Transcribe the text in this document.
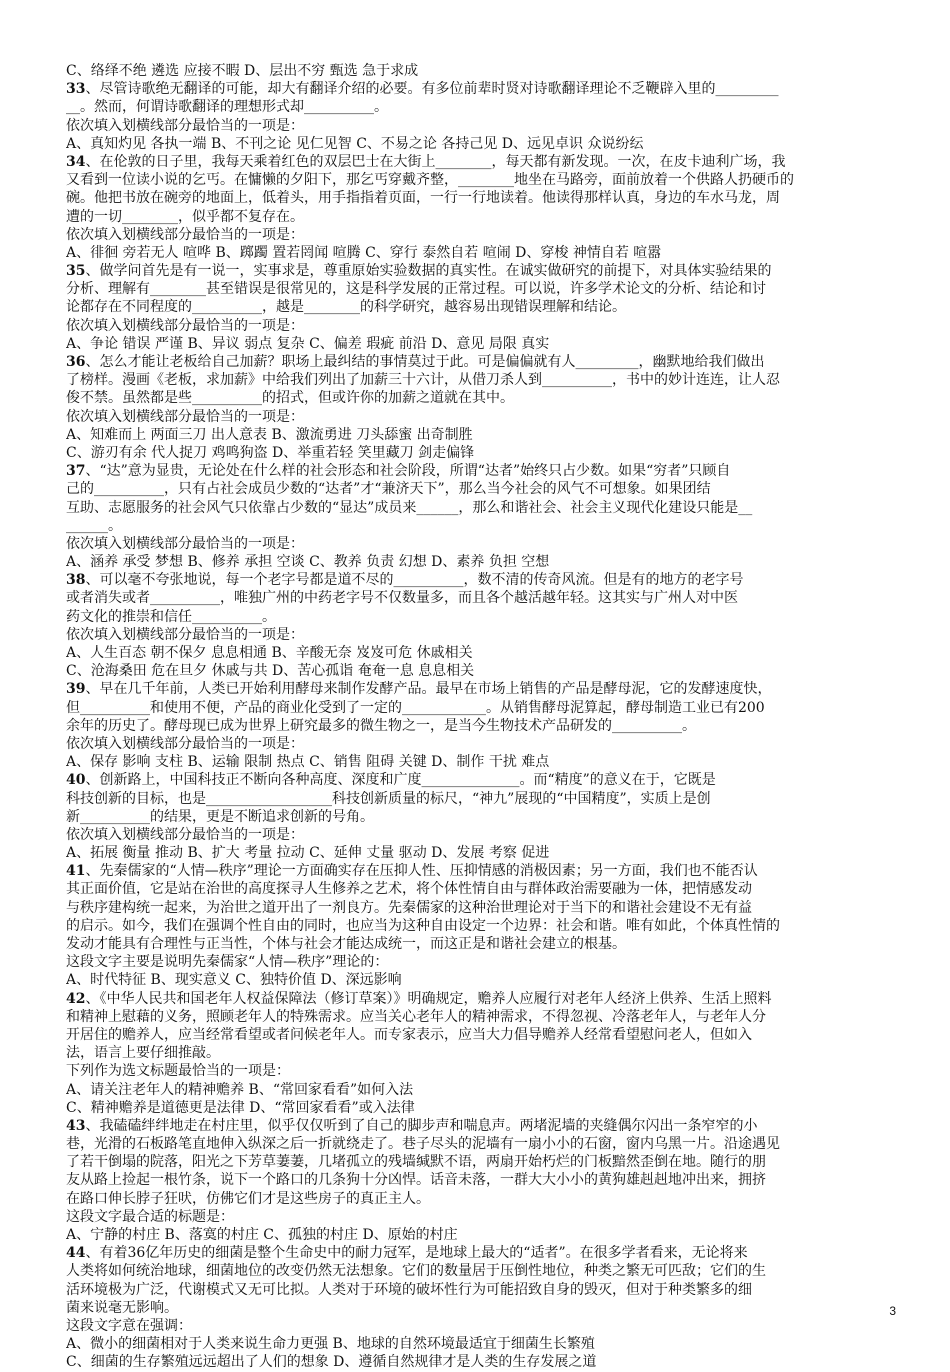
C、络绎不绝 遴选 应接不暇 D、层出不穷 甄选 急于求成
33、尽管诗歌绝无翻译的可能，却大有翻译介绍的必要。有多位前辈时贤对诗歌翻译理论不乏鞭辟入里的_________
__。然而，何谓诗歌翻译的理想形式却__________。
依次填入划横线部分最恰当的一项是：
A、真知灼见 各执一端 B、不刊之论 见仁见智 C、不易之论 各持己见 D、远见卓识 众说纷纭
34、在伦敦的日子里，我每天乘着红色的双层巴士在大街上________，每天都有新发现。一次，在皮卡迪利广场，我
又看到一位读小说的乞丐。在慵懒的夕阳下，那乞丐穿戴齐整，________地坐在马路旁，面前放着一个供路人扔硬币的
碗。他把书放在碗旁的地面上，低着头，用手指指着页面，一行一行地读着。他读得那样认真，身边的车水马龙，周
遭的一切________，似乎都不复存在。
依次填入划横线部分最恰当的一项是：
A、徘徊 旁若无人 喧哗 B、踯躅 置若罔闻 喧腾 C、穿行 泰然自若 喧闹 D、穿梭 神情自若 喧嚣
35、做学问首先是有一说一，实事求是，尊重原始实验数据的真实性。在诚实做研究的前提下，对具体实验结果的
分析、理解有________甚至错误是很常见的，这是科学发展的正常过程。可以说，许多学术论文的分析、结论和讨
论都存在不同程度的__________，越是________的科学研究，越容易出现错误理解和结论。
依次填入划横线部分最恰当的一项是：
A、争论 错误 严谨 B、异议 弱点 复杂 C、偏差 瑕疵 前沿 D、意见 局限 真实
36、怎么才能让老板给自己加薪？职场上最纠结的事情莫过于此。可是偏偏就有人_________，幽默地给我们做出
了榜样。漫画《老板，求加薪》中给我们列出了加薪三十六计，从借刀杀人到__________，书中的妙计连连，让人忍
俊不禁。虽然都是些__________的招式，但或许你的加薪之道就在其中。
依次填入划横线部分最恰当的一项是：
A、知难而上 两面三刀 出人意表 B、激流勇进 刀头舔蜜 出奇制胜
C、游刃有余 代人捉刀 鸡鸣狗盗 D、举重若轻 笑里藏刀 剑走偏锋
37、“达”意为显贵，无论处在什么样的社会形态和社会阶段，所谓“达者”始终只占少数。如果“穷者”只顾自
己的__________，只有占社会成员少数的“达者”才“兼济天下”，那么当今社会的风气不可想象。如果团结
互助、志愿服务的社会风气只依靠占少数的“显达”成员来______，那么和谐社会、社会主义现代化建设只能是__
______。
依次填入划横线部分最恰当的一项是：
A、涵养 承受 梦想 B、修养 承担 空谈 C、教养 负责 幻想 D、素养 负担 空想
38、可以毫不夸张地说，每一个老字号都是道不尽的__________，数不清的传奇风流。但是有的地方的老字号
或者消失或者__________，唯独广州的中药老字号不仅数量多，而且各个越活越年轻。这其实与广州人对中医
药文化的推崇和信任__________。
依次填入划横线部分最恰当的一项是：
A、人生百态 朝不保夕 息息相通 B、辛酸无奈 岌岌可危 休戚相关
C、沧海桑田 危在旦夕 休戚与共 D、苦心孤诣 奄奄一息 息息相关
39、早在几千年前，人类已开始利用酵母来制作发酵产品。最早在市场上销售的产品是酵母泥，它的发酵速度快，
但__________和使用不便，产品的商业化受到了一定的____________。从销售酵母泥算起，酵母制造工业已有200
余年的历史了。酵母现已成为世界上研究最多的微生物之一，是当今生物技术产品研发的__________。
依次填入划横线部分最恰当的一项是：
A、保存 影响 支柱 B、运输 限制 热点 C、销售 阻碍 关键 D、制作 干扰 难点
40、创新路上，中国科技正不断向各种高度、深度和广度______________。而“精度”的意义在于，它既是
科技创新的目标，也是__________________科技创新质量的标尺，“神九”展现的“中国精度”，实质上是创
新__________的结果，更是不断追求创新的号角。
依次填入划横线部分最恰当的一项是：
A、拓展 衡量 推动 B、扩大 考量 拉动 C、延伸 丈量 驱动 D、发展 考察 促进
41、先秦儒家的“人情—秩序”理论一方面确实存在压抑人性、压抑情感的消极因素；另一方面，我们也不能否认
其正面价值，它是站在治世的高度探寻人生修养之艺术，将个体性情自由与群体政治需要融为一体，把情感发动
与秩序建构统一起来，为治世之道开出了一剂良方。先秦儒家的这种治世理论对于当下的和谐社会建设不无有益
的启示。如今，我们在强调个性自由的同时，也应当为这种自由设定一个边界：社会和谐。唯有如此，个体真性情的
发动才能具有合理性与正当性，个体与社会才能达成统一，而这正是和谐社会建立的根基。
这段文字主要是说明先秦儒家“人情—秩序”理论的：
A、时代特征 B、现实意义 C、独特价值 D、深远影响
42、《中华人民共和国老年人权益保障法（修订草案）》明确规定，赡养人应履行对老年人经济上供养、生活上照料
和精神上慰藉的义务，照顾老年人的特殊需求。应当关心老年人的精神需求，不得忽视、冷落老年人，与老年人分
开居住的赡养人，应当经常看望或者问候老年人。而专家表示，应当大力倡导赡养人经常看望慰问老人，但如入
法，语言上要仔细推敲。
下列作为选文标题最恰当的一项是：
A、请关注老年人的精神赡养 B、“常回家看看”如何入法
C、精神赡养是道德更是法律 D、“常回家看看”或入法律
43、我磕磕绊绊地走在村庄里，似乎仅仅听到了自己的脚步声和喘息声。两堵泥墙的夹缝偶尔闪出一条窄窄的小
巷，光滑的石板路笔直地伸入纵深之后一折就绕走了。巷子尽头的泥墙有一扇小小的石窗，窗内乌黑一片。沿途遇见
了若干倒塌的院落，阳光之下芳草萋萋，几堵孤立的残墙缄默不语，两扇开始朽烂的门板黯然歪倒在地。随行的朋
友从路上捡起一根竹条，说下一个路口的几条狗十分凶悍。话音未落，一群大大小小的黄狗雄赳赳地冲出来，拥挤
在路口伸长脖子狂吠，仿佛它们才是这些房子的真正主人。
这段文字最合适的标题是：
A、宁静的村庄 B、落寞的村庄 C、孤独的村庄 D、原始的村庄
44、有着36亿年历史的细菌是整个生命史中的耐力冠军，是地球上最大的“适者”。在很多学者看来，无论将来
人类将如何统治地球，细菌地位的改变仍然无法想象。它们的数量居于压倒性地位，种类之繁无可匹敌；它们的生
活环境极为广泛，代谢模式又无可比拟。人类对于环境的破坏性行为可能招致自身的毁灭，但对于种类繁多的细
菌来说毫无影响。
这段文字意在强调：
A、微小的细菌相对于人类来说生命力更强 B、地球的自然环境最适宜于细菌生长繁殖
C、细菌的生存繁殖远远超出了人们的想象 D、遵循自然规律才是人类的生存发展之道
3
